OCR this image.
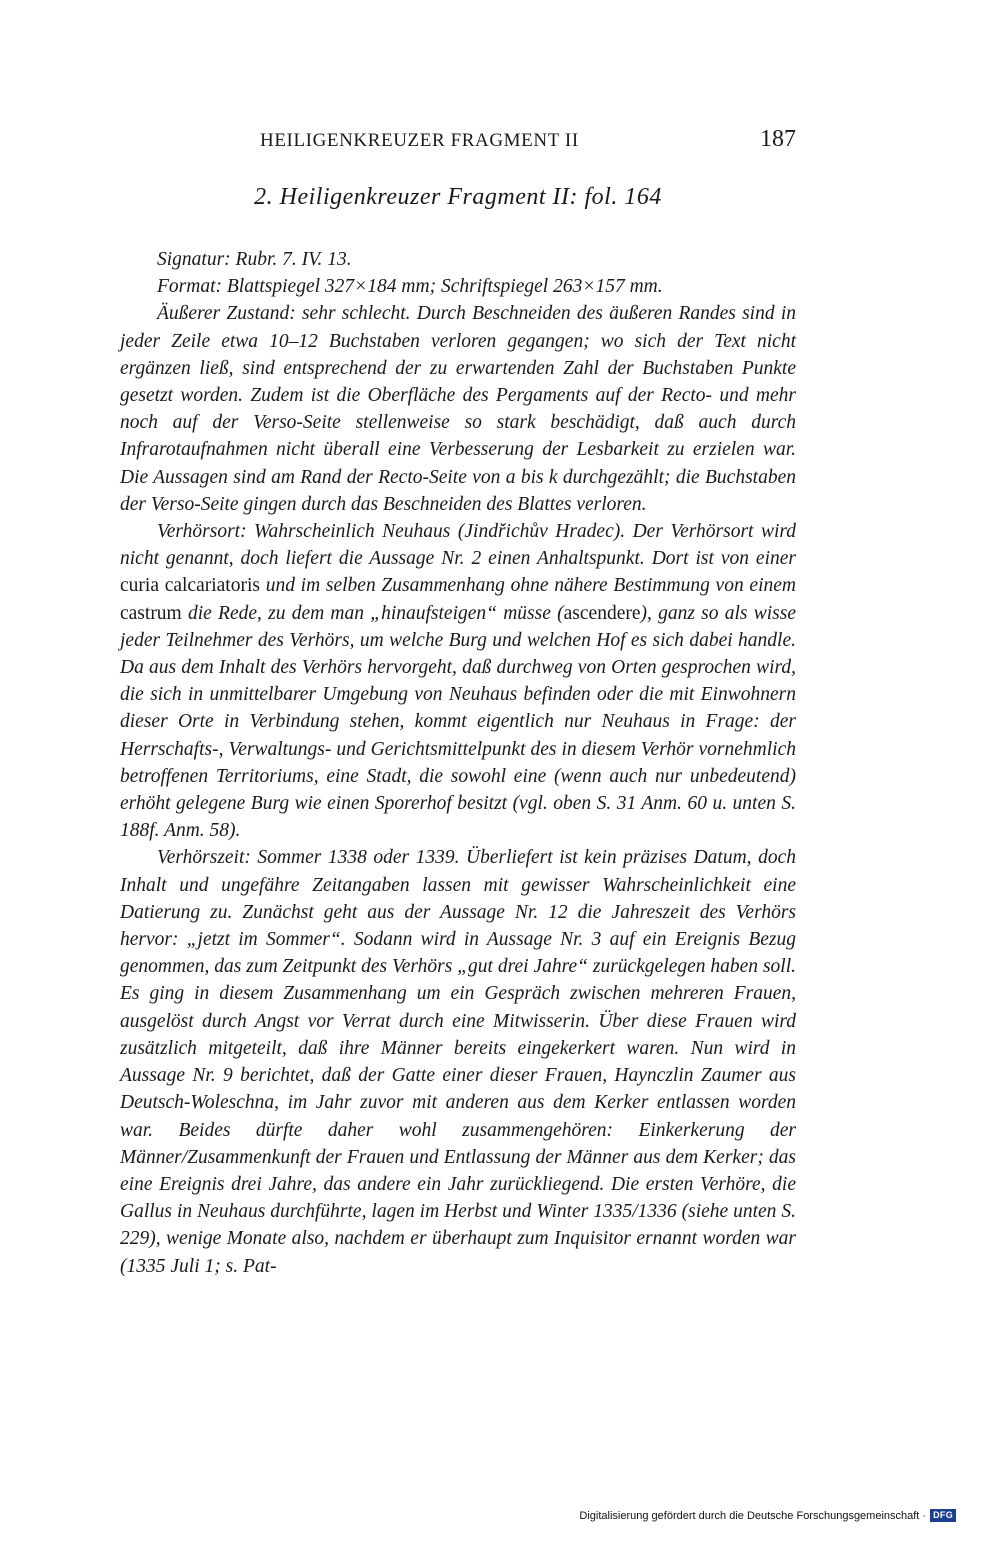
HEILIGENKREUZER FRAGMENT II	187
2. Heiligenkreuzer Fragment II: fol. 164

Signatur: Rubr. 7. IV. 13.

Format: Blattspiegel 327×184 mm; Schriftspiegel 263×157 mm.

Äußerer Zustand: sehr schlecht. Durch Beschneiden des äußeren Randes sind in jeder Zeile etwa 10–12 Buchstaben verloren gegangen; wo sich der Text nicht ergänzen ließ, sind entsprechend der zu erwartenden Zahl der Buchstaben Punkte gesetzt worden. Zudem ist die Oberfläche des Pergaments auf der Recto- und mehr noch auf der Verso-Seite stellenweise so stark beschädigt, daß auch durch Infrarotaufnahmen nicht überall eine Verbesserung der Lesbarkeit zu erzielen war. Die Aussagen sind am Rand der Recto-Seite von a bis k durchgezählt; die Buchstaben der Verso-Seite gingen durch das Beschneiden des Blattes verloren.

Verhörsort: Wahrscheinlich Neuhaus (Jindřichův Hradec). Der Verhörsort wird nicht genannt, doch liefert die Aussage Nr. 2 einen Anhaltspunkt. Dort ist von einer curia calcariatoris und im selben Zusammenhang ohne nähere Bestimmung von einem castrum die Rede, zu dem man „hinaufsteigen“ müsse (ascendere), ganz so als wisse jeder Teilnehmer des Verhörs, um welche Burg und welchen Hof es sich dabei handle. Da aus dem Inhalt des Verhörs hervorgeht, daß durchweg von Orten gesprochen wird, die sich in unmittelbarer Umgebung von Neuhaus befinden oder die mit Einwohnern dieser Orte in Verbindung stehen, kommt eigentlich nur Neuhaus in Frage: der Herrschafts-, Verwaltungs- und Gerichtsmittelpunkt des in diesem Verhör vornehmlich betroffenen Territoriums, eine Stadt, die sowohl eine (wenn auch nur unbedeutend) erhöht gelegene Burg wie einen Sporerhof besitzt (vgl. oben S. 31 Anm. 60 u. unten S. 188f. Anm. 58).

Verhörszeit: Sommer 1338 oder 1339. Überliefert ist kein präzises Datum, doch Inhalt und ungefähre Zeitangaben lassen mit gewisser Wahrscheinlichkeit eine Datierung zu. Zunächst geht aus der Aussage Nr. 12 die Jahreszeit des Verhörs hervor: „jetzt im Sommer“. Sodann wird in Aussage Nr. 3 auf ein Ereignis Bezug genommen, das zum Zeitpunkt des Verhörs „gut drei Jahre“ zurückgelegen haben soll. Es ging in diesem Zusammenhang um ein Gespräch zwischen mehreren Frauen, ausgelöst durch Angst vor Verrat durch eine Mitwisserin. Über diese Frauen wird zusätzlich mitgeteilt, daß ihre Männer bereits eingekerkert waren. Nun wird in Aussage Nr. 9 berichtet, daß der Gatte einer dieser Frauen, Haynczlin Zaumer aus Deutsch-Woleschna, im Jahr zuvor mit anderen aus dem Kerker entlassen worden war. Beides dürfte daher wohl zusammengehören: Einkerkerung der Männer/Zusammenkunft der Frauen und Entlassung der Männer aus dem Kerker; das eine Ereignis drei Jahre, das andere ein Jahr zurückliegend. Die ersten Verhöre, die Gallus in Neuhaus durchführte, lagen im Herbst und Winter 1335/1336 (siehe unten S. 229), wenige Monate also, nachdem er überhaupt zum Inquisitor ernannt worden war (1335 Juli 1; s. Pat-

Digitalisierung gefördert durch die Deutsche Forschungsgemeinschaft · DFG
